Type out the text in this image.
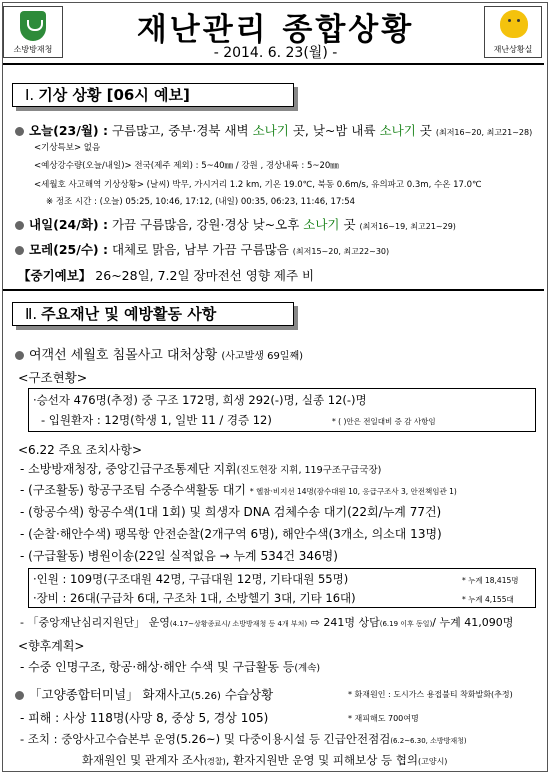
소방방재청
재난관리 종합상황
- 2014. 6. 23(월) -	재난상황실
Ⅰ. 기상 상황 [06시 예보]
오늘(23/월) : 구름많고, 중부·경북 새벽 소나기 곳, 낮~밤 내륙 소나기 곳 (최저16~20, 최고21~28)
<기상특보> 없음
<예상강수량(오늘/내일)> 전국(제주 제외) : 5~40㎜ / 강원 , 경상내륙 : 5~20㎜
<세월호 사고해역 기상상황> (날씨) 박무, 가시거리 1.2 km, 기온 19.0℃, 북동 0.6m/s, 유의파고 0.3m, 수온 17.0℃
※ 정조 시간 : (오늘) 05:25, 10:46, 17:12, (내일) 00:35, 06:23, 11:46, 17:54
내일(24/화) : 가끔 구름많음, 강원·경상 낮~오후 소나기 곳 (최저16~19, 최고21~29)
모레(25/수) : 대체로 맑음, 남부 가끔 구름많음 (최저15~20, 최고22~30)
【중기예보】 26~28일, 7.2일 장마전선 영향 제주 비
Ⅱ. 주요재난 및 예방활동 사항
여객선 세월호 침몰사고 대처상황 (사고발생 69일째)
<구조현황>
·승선자 476명(추정) 중 구조 172명, 희생 292(-)명, 실종 12(-)명
- 입원환자 : 12명(학생 1, 일반 11 / 경증 12)	* ( )안은 전일대비 증 감 사항임
<6.22 주요 조치사항>
- 소방방재청장, 중앙긴급구조통제단 지휘(진도현장 지휘, 119구조구급국장)
- (구조활동) 항공구조팀 수중수색활동 대기 * 헬참·비지선 14명(잠수대원 10, 응급구조사 3, 안전책임관 1)
- (항공수색) 항공수색(1대 1회) 및 희생자 DNA 검체수송 대기(22회/누계 77건)
- (순찰·해안수색) 팽목항 안전순찰(2개구역 6명), 해안수색(3개소, 의소대 13명)
- (구급활동) 병원이송(22일 실적없음 → 누계 534건 346명)
·인원 : 109명(구조대원 42명, 구급대원 12명, 기타대원 55명)	* 누계 18,415명
·장비 : 26대(구급차 6대, 구조차 1대, 소방헬기 3대, 기타 16대)	* 누계 4,155대
- 「중앙재난심리지원단」 운영(4.17~상황종료시/ 소방방재청 등 4개 부처) ⇨ 241명 상담(6.19 이후 동일)/ 누계 41,090명
<향후계획>
- 수중 인명구조, 항공·해상·해안 수색 및 구급활동 등(계속)
「고양종합터미널」 화재사고(5.26) 수습상황	* 화재원인 : 도시가스 용접불티 착화발화(추정)
- 피해 : 사상 118명(사망 8, 중상 5, 경상 105)	* 재피해도 700여명
- 조치 : 중앙사고수습본부 운영(5.26~) 및 다중이용시설 등 긴급안전점검(6.2~6.30, 소방방재청)
화재원인 및 관계자 조사(경찰), 환자지원반 운영 및 피해보상 등 협의(고양시)
